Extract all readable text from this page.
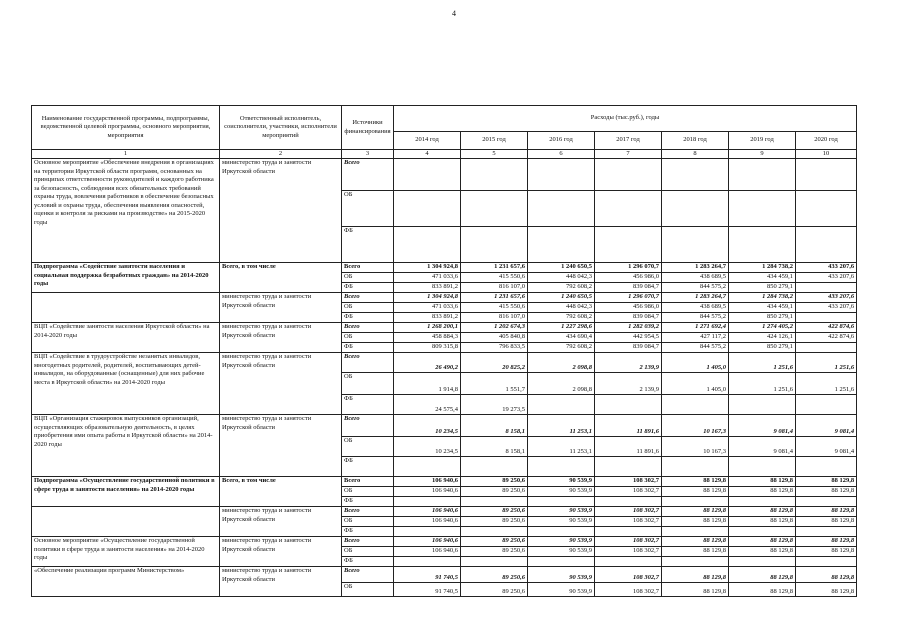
4
Наименование государственной программы, подпрограммы, ведомственной целевой программы, основного мероприятия, мероприятия	Ответственный исполнитель, соисполнители, участники, исполнители мероприятий	Источники финансирования	Расходы (тыс.руб.), годы						
			2014 год	2015 год	2016 год	2017 год	2018 год	2019 год	2020 год
1	2	3	4	5	6	7	8	9	10
Основное мероприятие «Обеспечение внедрения в организациях на территории Иркутской области программ, основанных на принципах ответственности руководителей и каждого работника за безопасность, соблюдения всех обязательных требований охраны труда, вовлечения работников в обеспечение безопасных условий и охраны труда, обеспечения выявления опасностей, оценки и контроля за рисками на производстве» на 2015-2020 годы	министерство труда и занятости Иркутской области	Всего							
		ОБ							
		ФБ							
Подпрограмма «Содействие занятости населения и социальная поддержка безработных граждан» на 2014-2020 годы	Всего, в том числе	Всего	1 304 924,8	1 231 657,6	1 240 650,5	1 296 070,7	1 283 264,7	1 284 738,2	433 207,6
		ОБ	471 033,6	415 550,6	448 042,3	456 986,0	438 689,5	434 459,1	433 207,6
		ФБ	833 891,2	816 107,0	792 608,2	839 084,7	844 575,2	850 279,1	
	министерство труда и занятости Иркутской области	Всего	1 304 924,8	1 231 657,6	1 240 650,5	1 296 070,7	1 283 264,7	1 284 738,2	433 207,6
		ОБ	471 033,6	415 550,6	448 042,3	456 986,0	438 689,5	434 459,1	433 207,6
		ФБ	833 891,2	816 107,0	792 608,2	839 084,7	844 575,2	850 279,1	
ВЦП «Содействие занятости населения Иркутской области» на 2014-2020 годы	министерство труда и занятости Иркутской области	Всего	1 268 200,1	1 202 674,3	1 227 298,6	1 282 039,2	1 271 692,4	1 274 405,2	422 874,6
		ОБ	458 884,3	405 840,8	434 690,4	442 954,5	427 117,2	424 126,1	422 874,6
		ФБ	809 315,8	796 833,5	792 608,2	839 084,7	844 575,2	850 279,1	
ВЦП «Содействие в трудоустройстве незанятых инвалидов, многодетных родителей, родителей, воспитывающих детей-инвалидов, на оборудованные (оснащенные) для них рабочие места в Иркутской области» на 2014-2020 годы	министерство труда и занятости Иркутской области	Всего	26 490,2	20 825,2	2 098,8	2 139,9	1 405,0	1 251,6	1 251,6
		ОБ	1 914,8	1 551,7	2 098,8	2 139,9	1 405,0	1 251,6	1 251,6
		ФБ	24 575,4	19 273,5					
ВЦП «Организация стажировок выпускников организаций, осуществляющих образовательную деятельность, в целях приобретения ими опыта работы в Иркутской области» на 2014-2020 годы	министерство труда и занятости Иркутской области	Всего	10 234,5	8 158,1	11 253,1	11 891,6	10 167,3	9 081,4	9 081,4
		ОБ	10 234,5	8 158,1	11 253,1	11 891,6	10 167,3	9 081,4	9 081,4
		ФБ							
Подпрограмма «Осуществление государственной политики в сфере труда и занятости населения» на 2014-2020 годы	Всего, в том числе	Всего	106 940,6	89 250,6	90 539,9	108 302,7	88 129,8	88 129,8	88 129,8
		ОБ	106 940,6	89 250,6	90 539,9	108 302,7	88 129,8	88 129,8	88 129,8
		ФБ							
	министерство труда и занятости Иркутской области	Всего	106 940,6	89 250,6	90 539,9	108 302,7	88 129,8	88 129,8	88 129,8
		ОБ	106 940,6	89 250,6	90 539,9	108 302,7	88 129,8	88 129,8	88 129,8
		ФБ							
Основное мероприятие «Осуществление государственной политики в сфере труда и занятости населения» на 2014-2020 годы	министерство труда и занятости Иркутской области	Всего	106 940,6	89 250,6	90 539,9	108 302,7	88 129,8	88 129,8	88 129,8
		ОБ	106 940,6	89 250,6	90 539,9	108 302,7	88 129,8	88 129,8	88 129,8
		ФБ							
«Обеспечение реализации программ Министерством»	министерство труда и занятости Иркутской области	Всего	91 740,5	89 250,6	90 539,9	108 302,7	88 129,8	88 129,8	88 129,8
		ОБ	91 740,5	89 250,6	90 539,9	108 302,7	88 129,8	88 129,8	88 129,8
